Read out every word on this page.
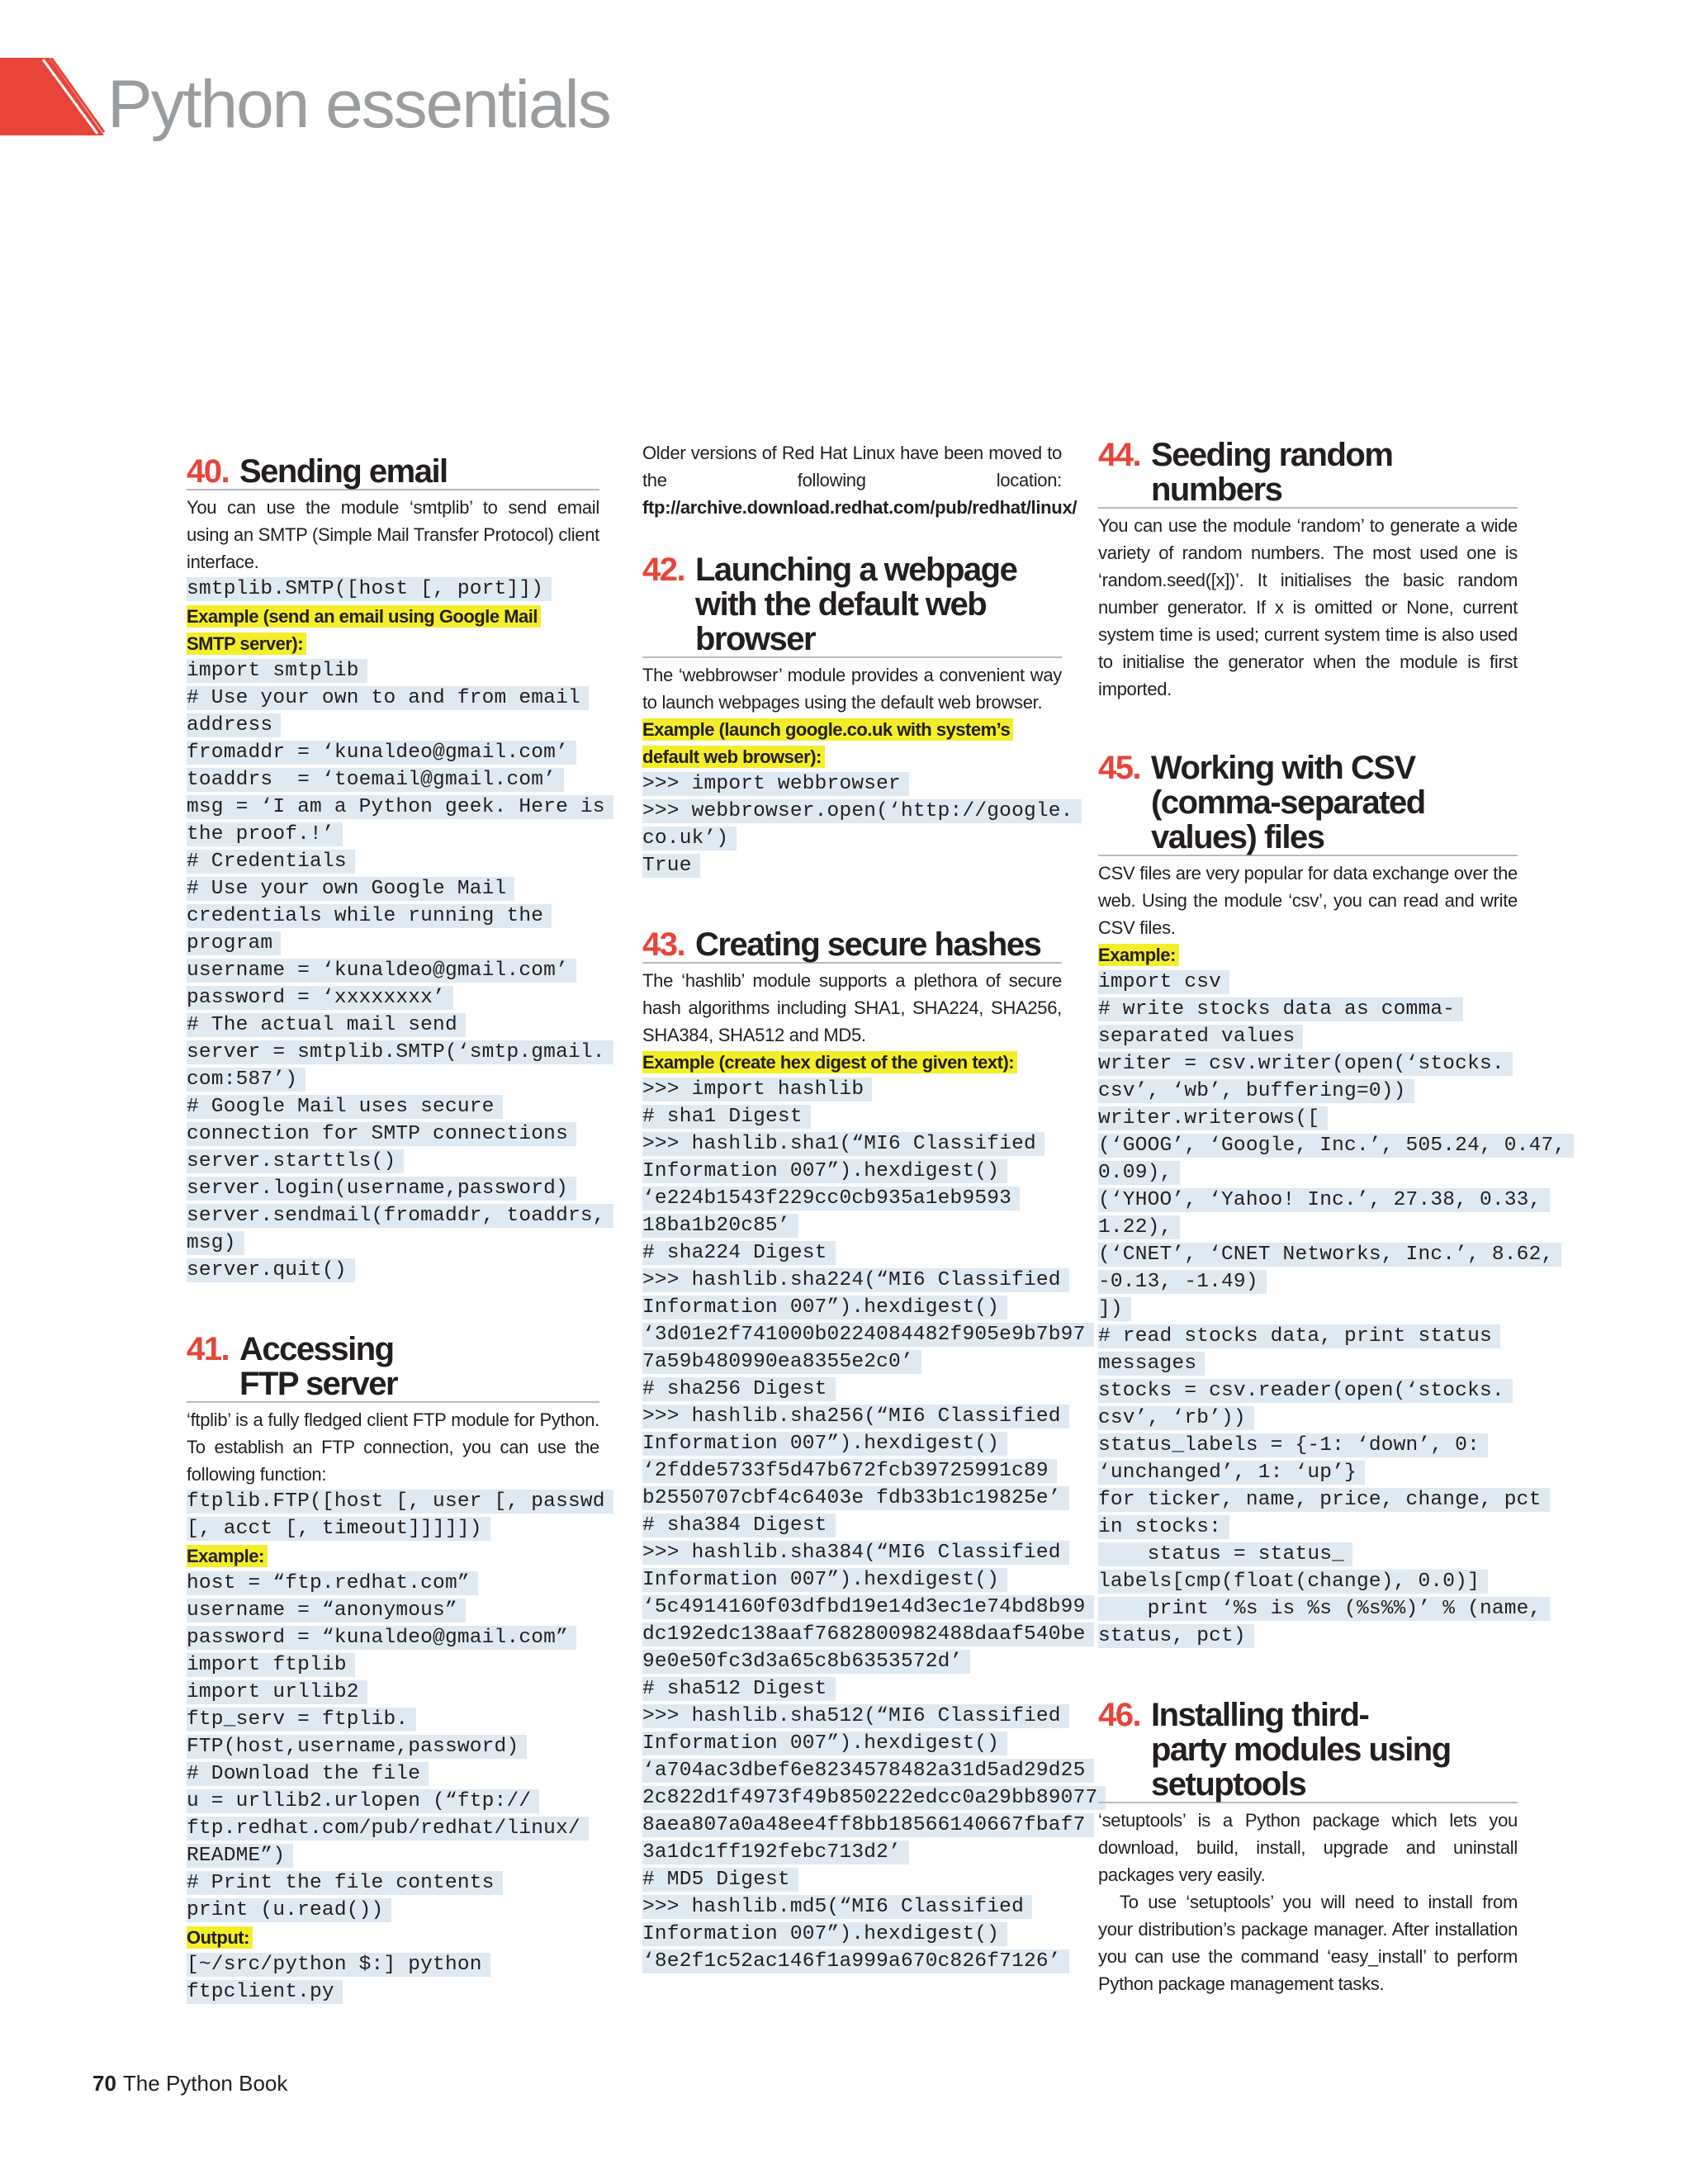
Python essentials
40. Sending email
You can use the module ‘smtplib’ to send email using an SMTP (Simple Mail Transfer Protocol) client interface.
smtplib.SMTP([host [, port]])
Example (send an email using Google Mail
SMTP server):
import smtplib
# Use your own to and from email
address
fromaddr = ‘kunaldeo@gmail.com’
toaddrs  = ‘toemail@gmail.com’
msg = ‘I am a Python geek. Here is
the proof.!’
# Credentials
# Use your own Google Mail
credentials while running the
program
username = ‘kunaldeo@gmail.com’
password = ‘xxxxxxxx’
# The actual mail send
server = smtplib.SMTP(‘smtp.gmail.
com:587’)
# Google Mail uses secure
connection for SMTP connections
server.starttls()
server.login(username,password)
server.sendmail(fromaddr, toaddrs,
msg)
server.quit()
41. Accessing
FTP server
‘ftplib’ is a fully fledged client FTP module for Python. To establish an FTP connection, you can use the following function:
ftplib.FTP([host [, user [, passwd
[, acct [, timeout]]]]])
Example:
host = “ftp.redhat.com”
username = “anonymous”
password = “kunaldeo@gmail.com”
import ftplib
import urllib2
ftp_serv = ftplib.
FTP(host,username,password)
# Download the file
u = urllib2.urlopen (“ftp://
ftp.redhat.com/pub/redhat/linux/
README”)
# Print the file contents
print (u.read())
Output:
[~/src/python $:] python
ftpclient.py
Older versions of Red Hat Linux have been moved to the following location: ftp://archive.download.redhat.com/pub/redhat/linux/
42. Launching a webpage
with the default web
browser
The ‘webbrowser’ module provides a convenient way to launch webpages using the default web browser.
Example (launch google.co.uk with system’s
default web browser):
>>> import webbrowser
>>> webbrowser.open(‘http://google.
co.uk’)
True
43. Creating secure hashes
The ‘hashlib’ module supports a plethora of secure hash algorithms including SHA1, SHA224, SHA256, SHA384, SHA512 and MD5.
Example (create hex digest of the given text):
>>> import hashlib
# sha1 Digest
>>> hashlib.sha1(“MI6 Classified
Information 007”).hexdigest()
‘e224b1543f229cc0cb935a1eb9593
18ba1b20c85’
# sha224 Digest
>>> hashlib.sha224(“MI6 Classified
Information 007”).hexdigest()
‘3d01e2f741000b0224084482f905e9b7b97
7a59b480990ea8355e2c0’
# sha256 Digest
>>> hashlib.sha256(“MI6 Classified
Information 007”).hexdigest()
‘2fdde5733f5d47b672fcb39725991c89
b2550707cbf4c6403e fdb33b1c19825e’
# sha384 Digest
>>> hashlib.sha384(“MI6 Classified
Information 007”).hexdigest()
‘5c4914160f03dfbd19e14d3ec1e74bd8b99
dc192edc138aaf7682800982488daaf540be
9e0e50fc3d3a65c8b6353572d’
# sha512 Digest
>>> hashlib.sha512(“MI6 Classified
Information 007”).hexdigest()
‘a704ac3dbef6e8234578482a31d5ad29d25
2c822d1f4973f49b850222edcc0a29bb89077
8aea807a0a48ee4ff8bb18566140667fbaf7
3a1dc1ff192febc713d2’
# MD5 Digest
>>> hashlib.md5(“MI6 Classified
Information 007”).hexdigest()
‘8e2f1c52ac146f1a999a670c826f7126’
44. Seeding random
numbers
You can use the module ‘random’ to generate a wide variety of random numbers. The most used one is ‘random.seed([x])’. It initialises the basic random number generator. If x is omitted or None, current system time is used; current system time is also used to initialise the generator when the module is first imported.
45. Working with CSV
(comma-separated
values) files
CSV files are very popular for data exchange over the web. Using the module ‘csv’, you can read and write CSV files.
Example:
import csv
# write stocks data as comma-
separated values
writer = csv.writer(open(‘stocks.
csv’, ‘wb’, buffering=0))
writer.writerows([
(‘GOOG’, ‘Google, Inc.’, 505.24, 0.47,
0.09),
(‘YHOO’, ‘Yahoo! Inc.’, 27.38, 0.33,
1.22),
(‘CNET’, ‘CNET Networks, Inc.’, 8.62,
-0.13, -1.49)
])
# read stocks data, print status
messages
stocks = csv.reader(open(‘stocks.
csv’, ‘rb’))
status_labels = {-1: ‘down’, 0:
‘unchanged’, 1: ‘up’}
for ticker, name, price, change, pct
in stocks:
status = status_
labels[cmp(float(change), 0.0)]
print ‘%s is %s (%s%%)’ % (name,
status, pct)
46. Installing third-
party modules using
setuptools
‘setuptools’ is a Python package which lets you download, build, install, upgrade and uninstall packages very easily.
To use ‘setuptools’ you will need to install from your distribution’s package manager. After installation you can use the command ‘easy_install’ to perform Python package management tasks.
70 The Python Book
